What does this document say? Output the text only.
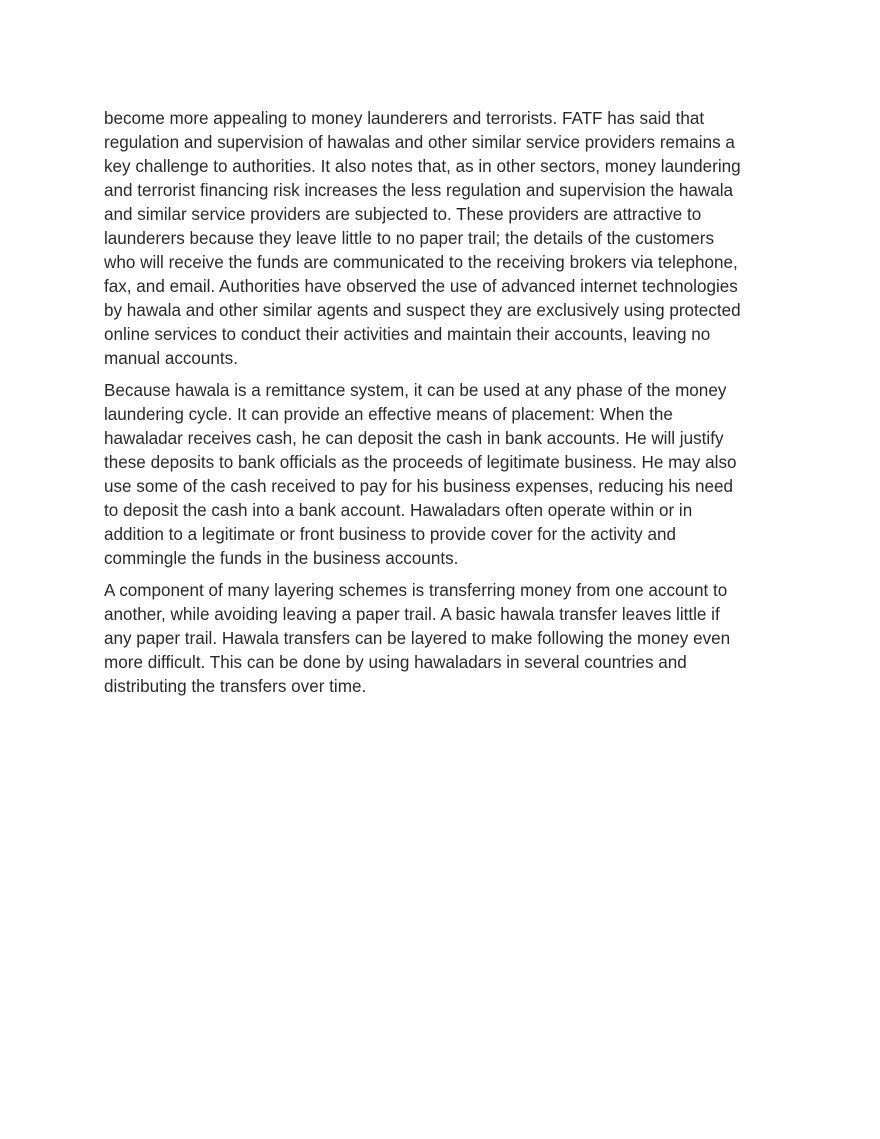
become more appealing to money launderers and terrorists. FATF has said that regulation and supervision of hawalas and other similar service providers remains a key challenge to authorities. It also notes that, as in other sectors, money laundering and terrorist financing risk increases the less regulation and supervision the hawala and similar service providers are subjected to. These providers are attractive to launderers because they leave little to no paper trail; the details of the customers who will receive the funds are communicated to the receiving brokers via telephone, fax, and email. Authorities have observed the use of advanced internet technologies by hawala and other similar agents and suspect they are exclusively using protected online services to conduct their activities and maintain their accounts, leaving no manual accounts.

Because hawala is a remittance system, it can be used at any phase of the money laundering cycle. It can provide an effective means of placement: When the hawaladar receives cash, he can deposit the cash in bank accounts. He will justify these deposits to bank officials as the proceeds of legitimate business. He may also use some of the cash received to pay for his business expenses, reducing his need to deposit the cash into a bank account. Hawaladars often operate within or in addition to a legitimate or front business to provide cover for the activity and commingle the funds in the business accounts.

A component of many layering schemes is transferring money from one account to another, while avoiding leaving a paper trail. A basic hawala transfer leaves little if any paper trail. Hawala transfers can be layered to make following the money even more difficult. This can be done by using hawaladars in several countries and distributing the transfers over time.
